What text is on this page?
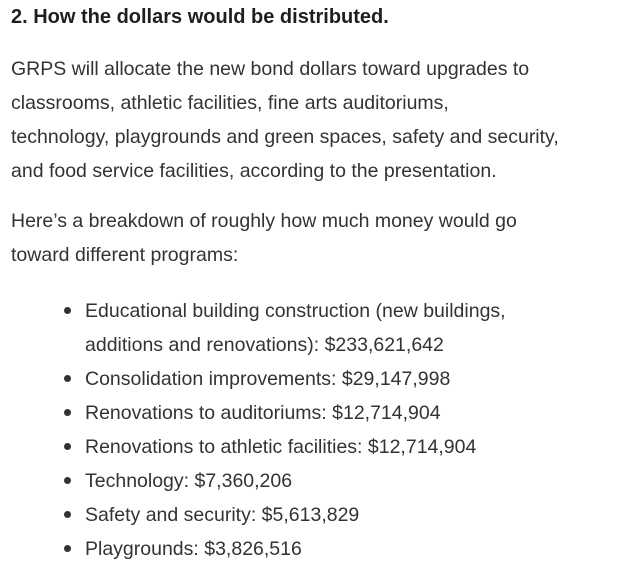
2. How the dollars would be distributed.

GRPS will allocate the new bond dollars toward upgrades to
classrooms, athletic facilities, fine arts auditoriums,
technology, playgrounds and green spaces, safety and security,
and food service facilities, according to the presentation.

Here’s a breakdown of roughly how much money would go
toward different programs:

Educational building construction (new buildings,
additions and renovations): $233,621,642
Consolidation improvements: $29,147,998
Renovations to auditoriums: $12,714,904
Renovations to athletic facilities: $12,714,904
Technology: $7,360,206
Safety and security: $5,613,829
Playgrounds: $3,826,516
